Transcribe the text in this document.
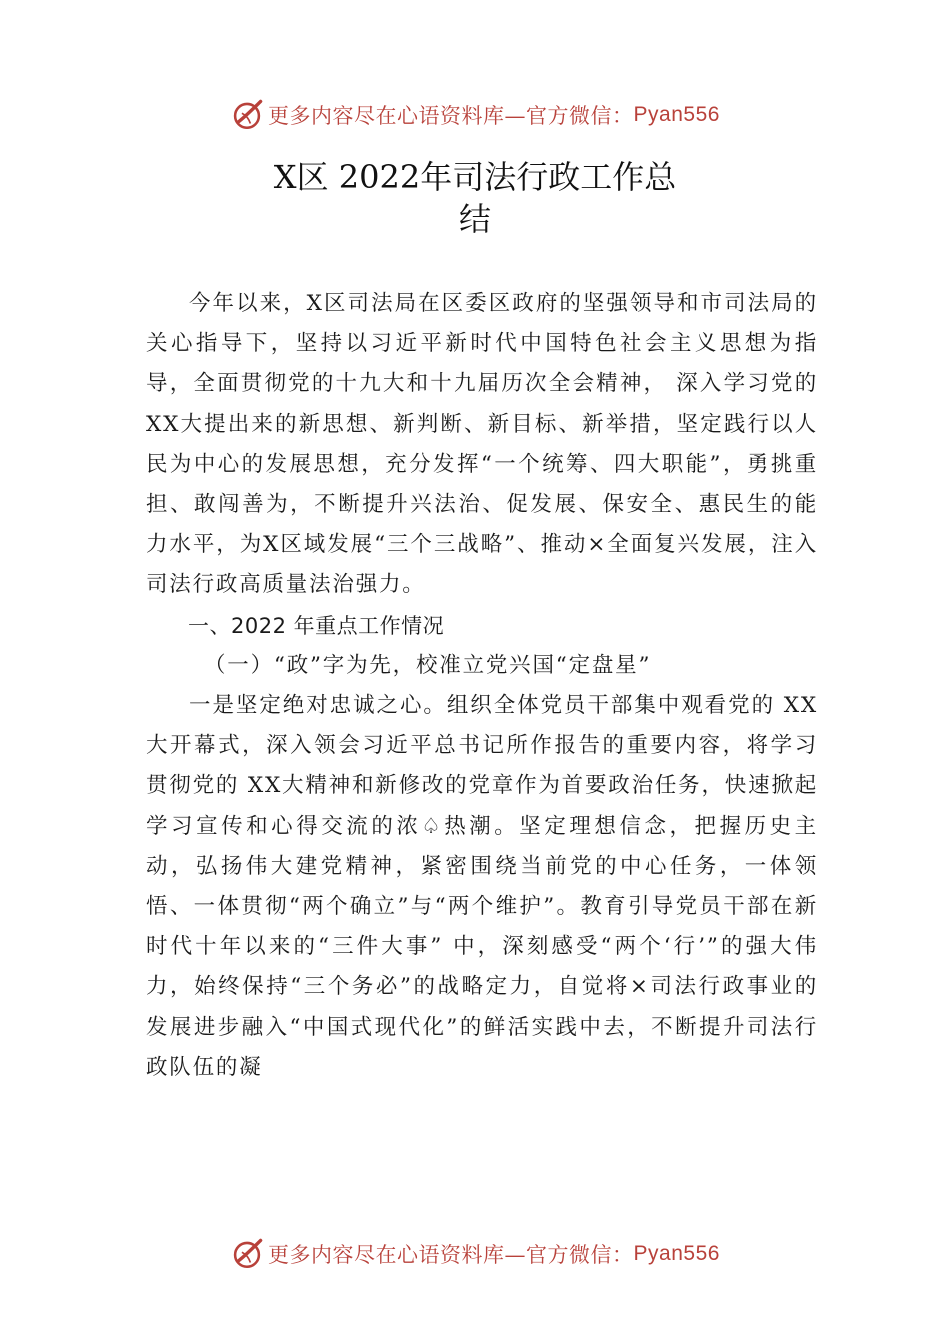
更多内容尽在心语资料库—官方微信： Pyan556
X区 2022年司法行政工作总
结

今年以来，X区司法局在区委区政府的坚强领导和市司法局的关心指导下，坚持以习近平新时代中国特色社会主义思想为指导，全面贯彻党的十九大和十九届历次全会精神， 深入学习党的 XX大提出来的新思想、新判断、新目标、新举措，坚定践行以人民为中心的发展思想，充分发挥“一个统筹、四大职能”，勇挑重担、敢闯善为，不断提升兴法治、促发展、保安全、惠民生的能力水平，为X区域发展“三个三战略”、推动×全面复兴发展，注入司法行政高质量法治强力。

一、2022 年重点工作情况

（一）“政”字为先，校准立党兴国“定盘星”

一是坚定绝对忠诚之心。组织全体党员干部集中观看党的 XX 大开幕式，深入领会习近平总书记所作报告的重要内容，将学习贯彻党的 XX大精神和新修改的党章作为首要政治任务，快速掀起学习宣传和心得交流的浓♤热潮。坚定理想信念，把握历史主动，弘扬伟大建党精神，紧密围绕当前党的中心任务，一体领悟、一体贯彻“两个确立”与“两个维护”。教育引导党员干部在新时代十年以来的“三件大事” 中，深刻感受“两个‘行’”的强大伟力，始终保持“三个务必”的战略定力，自觉将×司法行政事业的发展进步融入“中国式现代化”的鲜活实践中去，不断提升司法行政队伍的凝

更多内容尽在心语资料库—官方微信： Pyan556
